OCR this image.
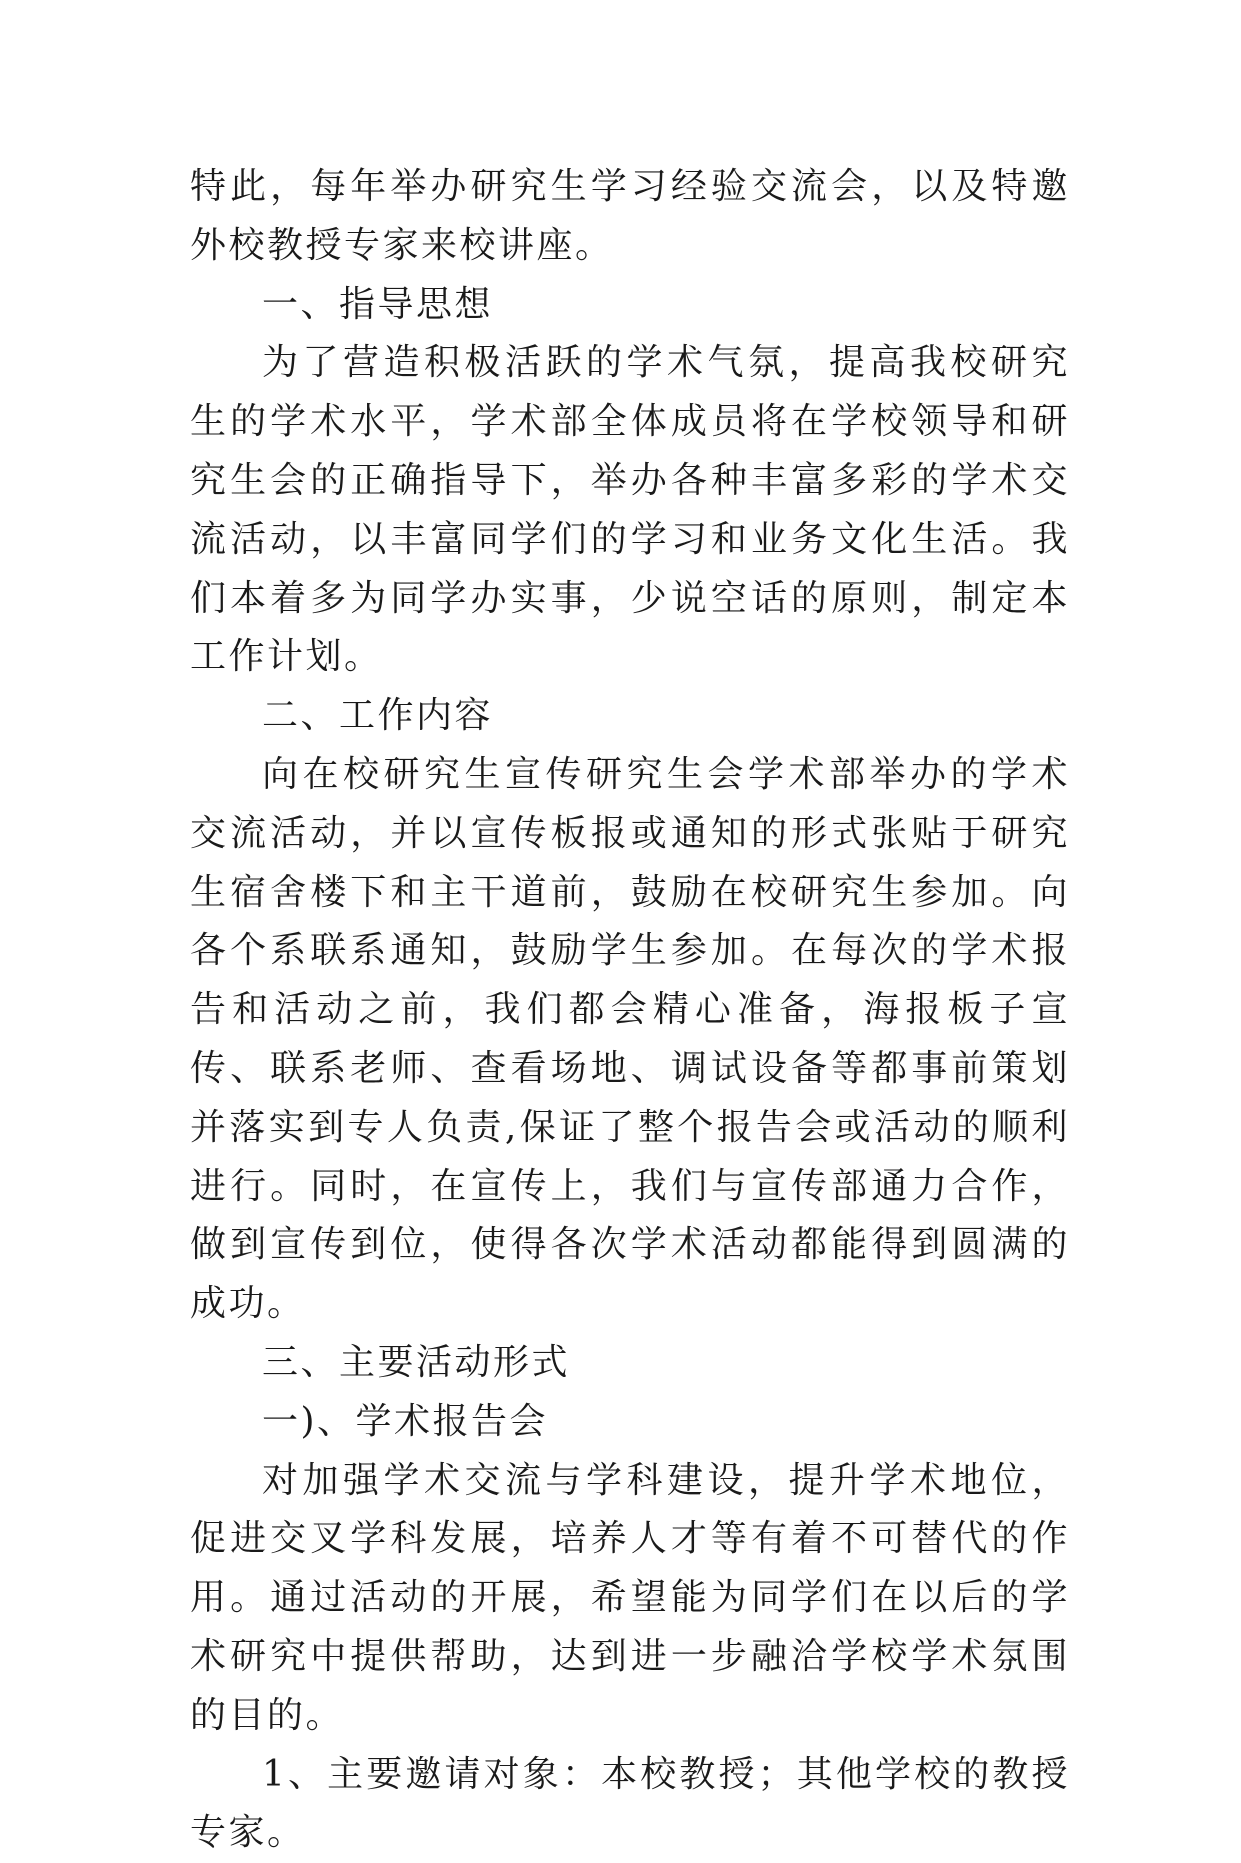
特此，每年举办研究生学习经验交流会，以及特邀外校教授专家来校讲座。

一、指导思想

为了营造积极活跃的学术气氛，提高我校研究生的学术水平，学术部全体成员将在学校领导和研究生会的正确指导下，举办各种丰富多彩的学术交流活动，以丰富同学们的学习和业务文化生活。我们本着多为同学办实事，少说空话的原则，制定本工作计划。

二、工作内容

向在校研究生宣传研究生会学术部举办的学术交流活动，并以宣传板报或通知的形式张贴于研究生宿舍楼下和主干道前，鼓励在校研究生参加。向各个系联系通知，鼓励学生参加。在每次的学术报告和活动之前，我们都会精心准备，海报板子宣传、联系老师、查看场地、调试设备等都事前策划并落实到专人负责,保证了整个报告会或活动的顺利进行。同时，在宣传上，我们与宣传部通力合作，做到宣传到位，使得各次学术活动都能得到圆满的成功。

三、主要活动形式

一)、学术报告会

对加强学术交流与学科建设，提升学术地位，促进交叉学科发展，培养人才等有着不可替代的作用。通过活动的开展，希望能为同学们在以后的学术研究中提供帮助，达到进一步融洽学校学术氛围的目的。

1、主要邀请对象：本校教授；其他学校的教授专家。
